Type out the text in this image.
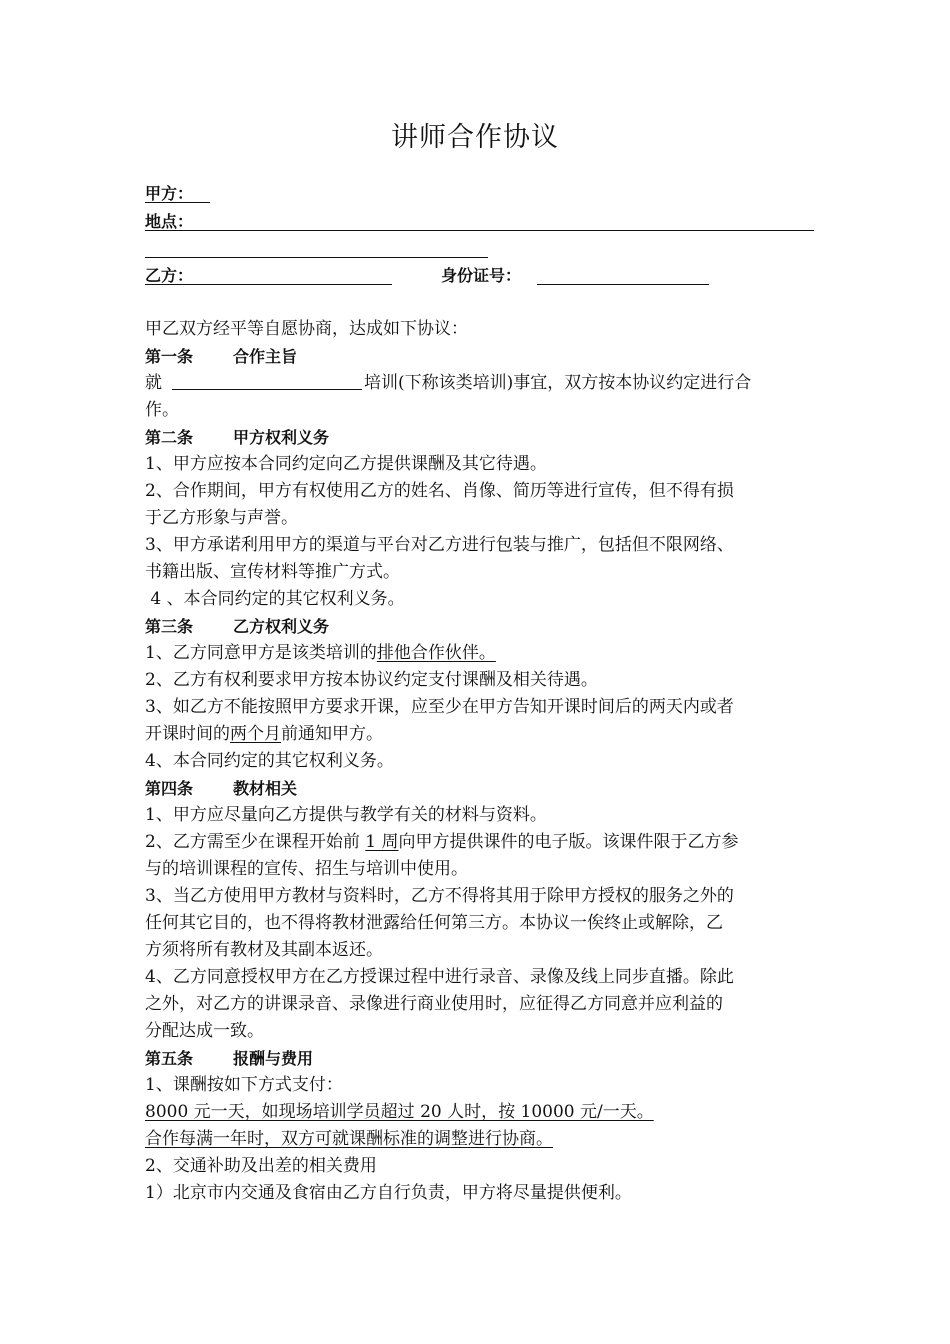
讲师合作协议
甲方：
地点：
乙方：	身份证号：

甲乙双方经平等自愿协商，达成如下协议：

第一条	合作主旨

就	培训(下称该类培训)事宜，双方按本协议约定进行合

作。

第二条	甲方权利义务

1、甲方应按本合同约定向乙方提供课酬及其它待遇。

2、合作期间，甲方有权使用乙方的姓名、肖像、简历等进行宣传，但不得有损

于乙方形象与声誉。

3、甲方承诺利用甲方的渠道与平台对乙方进行包装与推广，包括但不限网络、

书籍出版、宣传材料等推广方式。

4 、本合同约定的其它权利义务。

第三条	乙方权利义务

1、乙方同意甲方是该类培训的排他合作伙伴。

2、乙方有权利要求甲方按本协议约定支付课酬及相关待遇。

3、如乙方不能按照甲方要求开课，应至少在甲方告知开课时间后的两天内或者

开课时间的两个月前通知甲方。

4、本合同约定的其它权利义务。

第四条	教材相关

1、甲方应尽量向乙方提供与教学有关的材料与资料。

2、乙方需至少在课程开始前 1 周向甲方提供课件的电子版。该课件限于乙方参

与的培训课程的宣传、招生与培训中使用。

3、当乙方使用甲方教材与资料时，乙方不得将其用于除甲方授权的服务之外的

任何其它目的，也不得将教材泄露给任何第三方。本协议一俟终止或解除，乙

方须将所有教材及其副本返还。

4、乙方同意授权甲方在乙方授课过程中进行录音、录像及线上同步直播。除此

之外，对乙方的讲课录音、录像进行商业使用时，应征得乙方同意并应利益的

分配达成一致。

第五条	报酬与费用

1、课酬按如下方式支付：

8000 元一天，如现场培训学员超过 20 人时，按 10000 元/一天。

合作每满一年时，双方可就课酬标准的调整进行协商。

2、交通补助及出差的相关费用

1）北京市内交通及食宿由乙方自行负责，甲方将尽量提供便利。
